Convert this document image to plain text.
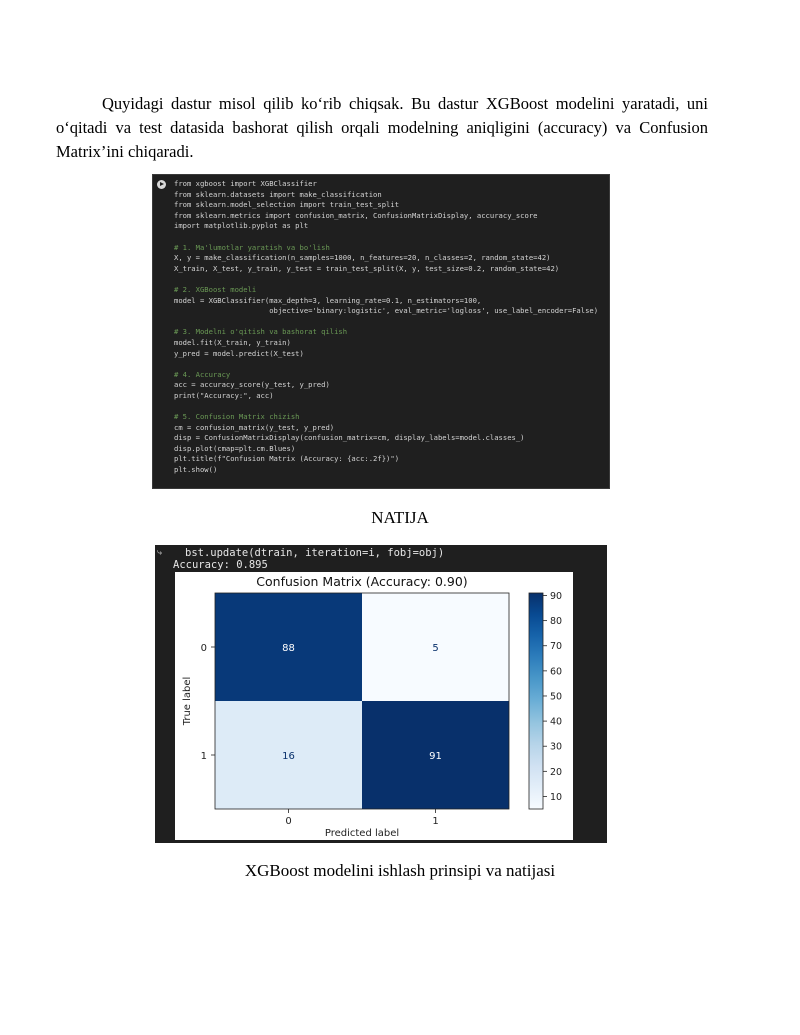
Quyidagi dastur misol qilib ko‘rib chiqsak. Bu dastur XGBoost modelini yaratadi, uni o‘qitadi va test datasida bashorat qilish orqali modelning aniqligini (accuracy) va Confusion Matrix’ini chiqaradi.
from xgboost import XGBClassifier
from sklearn.datasets import make_classification
from sklearn.model_selection import train_test_split
from sklearn.metrics import confusion_matrix, ConfusionMatrixDisplay, accuracy_score
import matplotlib.pyplot as plt
# 1. Ma'lumotlar yaratish va bo'lish
X, y = make_classification(n_samples=1000, n_features=20, n_classes=2, random_state=42)
X_train, X_test, y_train, y_test = train_test_split(X, y, test_size=0.2, random_state=42)
# 2. XGBoost modeli
model = XGBClassifier(max_depth=3, learning_rate=0.1, n_estimators=100,
objective='binary:logistic', eval_metric='logloss', use_label_encoder=False)
# 3. Modelni o'qitish va bashorat qilish
model.fit(X_train, y_train)
y_pred = model.predict(X_test)
# 4. Accuracy
acc = accuracy_score(y_test, y_pred)
print("Accuracy:", acc)
# 5. Confusion Matrix chizish
cm = confusion_matrix(y_test, y_pred)
disp = ConfusionMatrixDisplay(confusion_matrix=cm, display_labels=model.classes_)
disp.plot(cmap=plt.cm.Blues)
plt.title(f"Confusion Matrix (Accuracy: {acc:.2f})")
plt.show()
NATIJA
⤷ bst.update(dtrain, iteration=i, fobj=obj)
Accuracy: 0.895
Confusion Matrix (Accuracy: 0.90)
88	5
16	91
0
1
0	1
Predicted label
True label
10
20
30
40
50
60
70
80
90
XGBoost modelini ishlash prinsipi va natijasi
